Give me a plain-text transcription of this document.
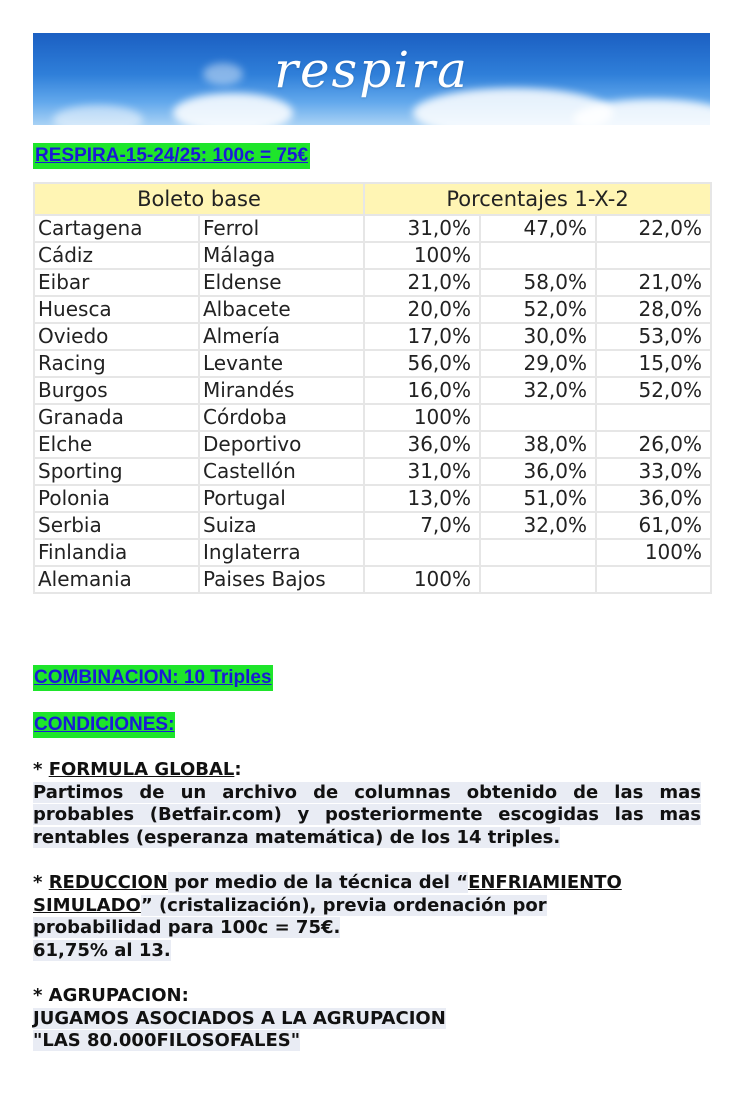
respira
RESPIRA-15-24/25: 100c = 75€
Boleto base		Porcentajes 1-X-2		
Cartagena	Ferrol	31,0%	47,0%	22,0%
Cádiz	Málaga	100%		
Eibar	Eldense	21,0%	58,0%	21,0%
Huesca	Albacete	20,0%	52,0%	28,0%
Oviedo	Almería	17,0%	30,0%	53,0%
Racing	Levante	56,0%	29,0%	15,0%
Burgos	Mirandés	16,0%	32,0%	52,0%
Granada	Córdoba	100%		
Elche	Deportivo	36,0%	38,0%	26,0%
Sporting	Castellón	31,0%	36,0%	33,0%
Polonia	Portugal	13,0%	51,0%	36,0%
Serbia	Suiza	7,0%	32,0%	61,0%
Finlandia	Inglaterra			100%
Alemania	Paises Bajos	100%		
COMBINACION: 10 Triples
CONDICIONES:
* FORMULA GLOBAL:
Partimos de un archivo de columnas obtenido de las mas probables (Betfair.com) y posteriormente escogidas las mas rentables (esperanza matemática) de los 14 triples.
* REDUCCION por medio de la técnica del “ENFRIAMIENTO SIMULADO” (cristalización), previa ordenación por probabilidad para 100c = 75€.
61,75% al 13.
* AGRUPACION:
JUGAMOS ASOCIADOS A LA AGRUPACION
"LAS 80.000FILOSOFALES"
